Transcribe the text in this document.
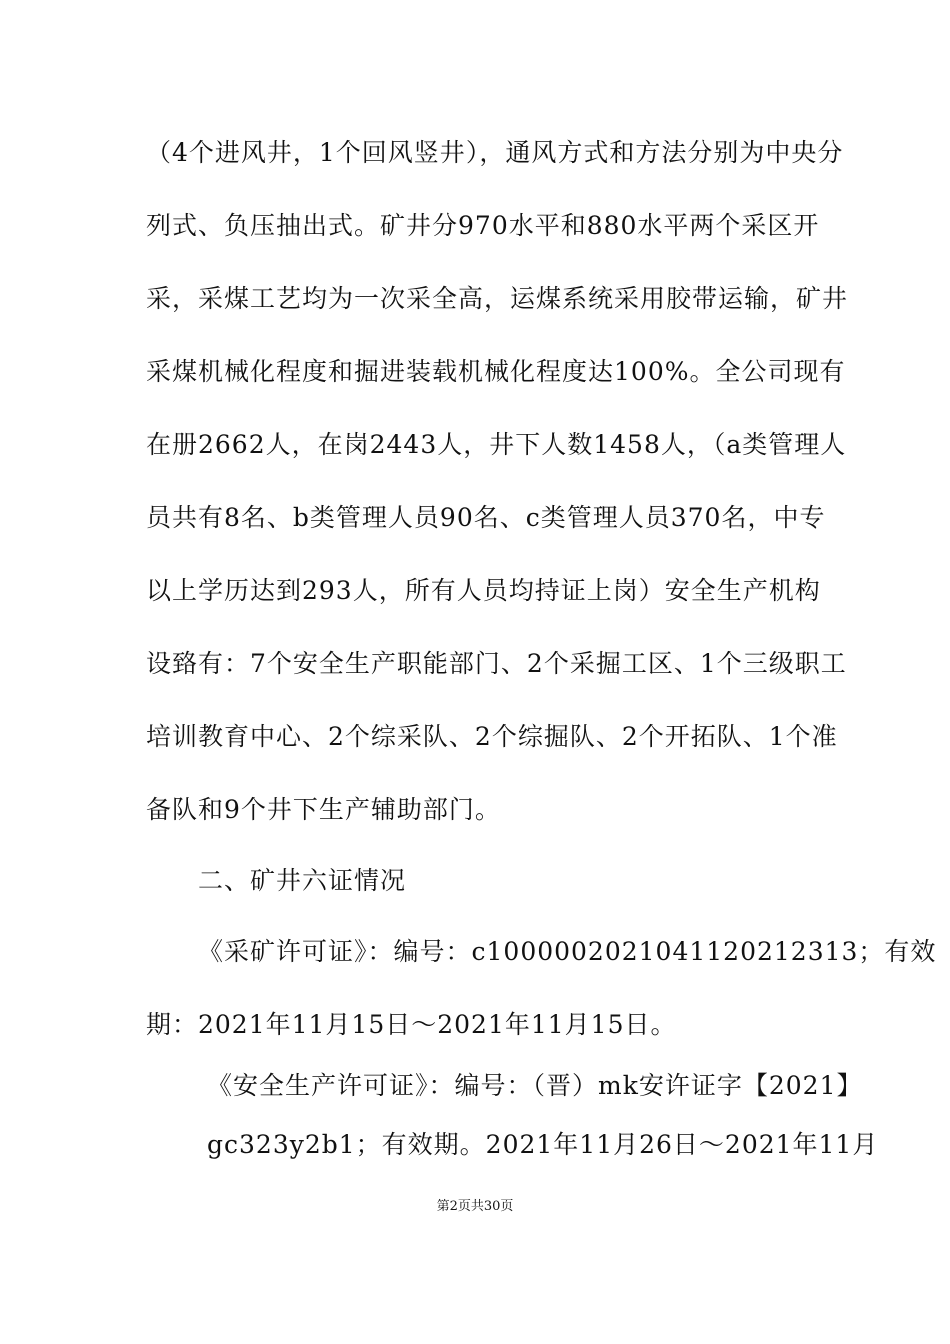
（4个进风井，1个回风竖井），通风方式和方法分别为中央分
列式、负压抽出式。矿井分970水平和880水平两个采区开
采，采煤工艺均为一次采全高，运煤系统采用胶带运输，矿井
采煤机械化程度和掘进装载机械化程度达100%。全公司现有
在册2662人，在岗2443人，井下人数1458人，（a类管理人
员共有8名、b类管理人员90名、c类管理人员370名，中专
以上学历达到293人，所有人员均持证上岗）安全生产机构
设臵有：7个安全生产职能部门、2个采掘工区、1个三级职工
培训教育中心、2个综采队、2个综掘队、2个开拓队、1个准
备队和9个井下生产辅助部门。
二、矿井六证情况
《采矿许可证》：编号：c1000002021041120212313；有效
期：2021年11月15日～2021年11月15日。
《安全生产许可证》：编号：（晋）mk安许证字【2021】
gc323y2b1；有效期。2021年11月26日～2021年11月
第2页共30页
